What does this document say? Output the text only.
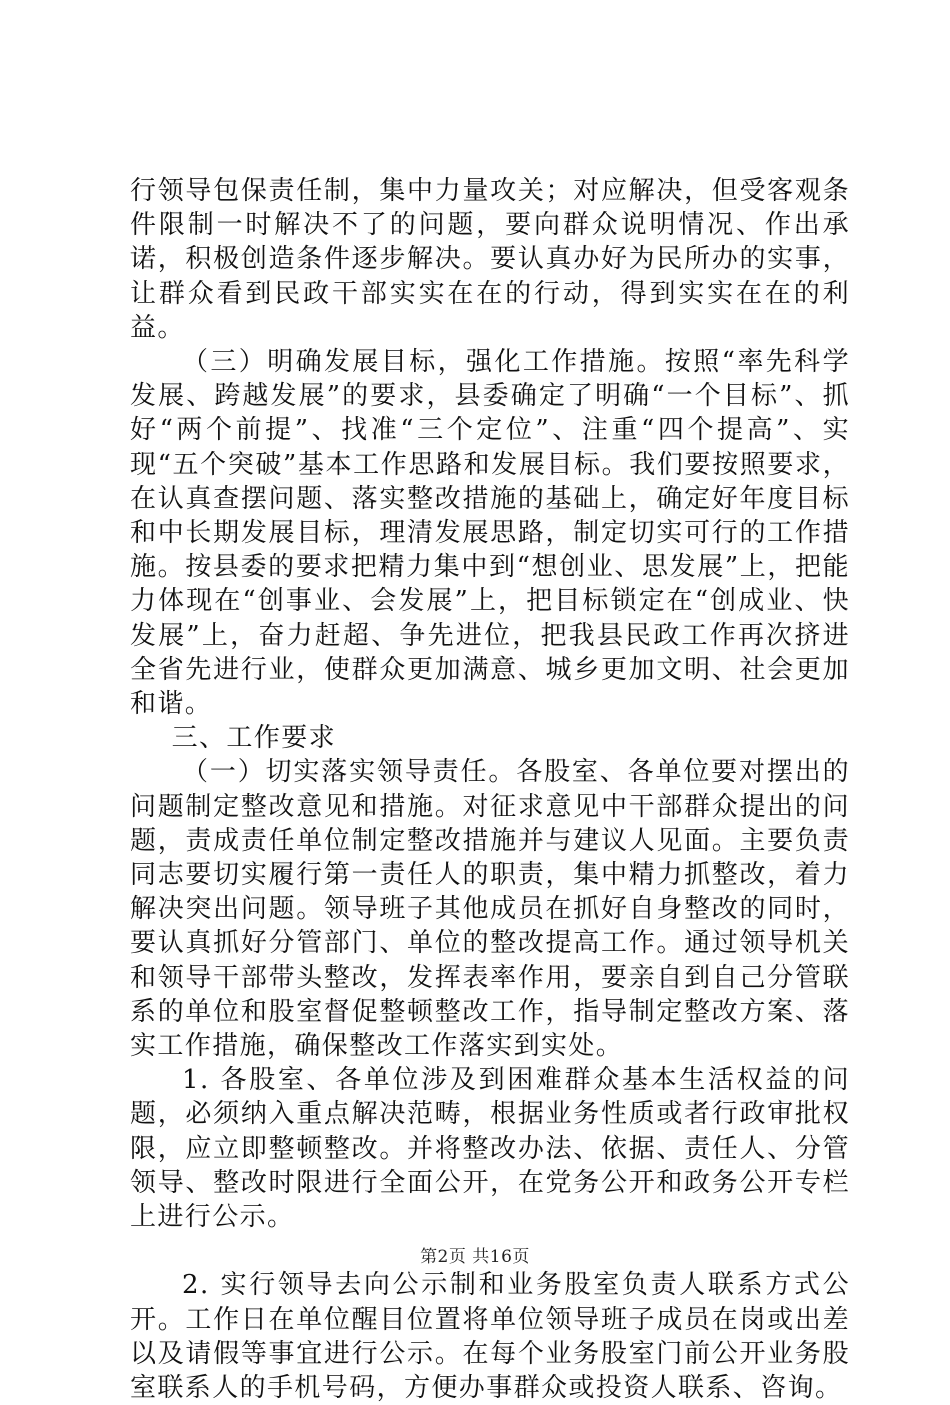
行领导包保责任制，集中力量攻关；对应解决，但受客观条件限制一时解决不了的问题，要向群众说明情况、作出承诺，积极创造条件逐步解决。要认真办好为民所办的实事，让群众看到民政干部实实在在的行动，得到实实在在的利益。

（三）明确发展目标，强化工作措施。按照“率先科学发展、跨越发展”的要求，县委确定了明确“一个目标”、抓好“两个前提”、找准“三个定位”、注重“四个提高”、实现“五个突破”基本工作思路和发展目标。我们要按照要求，在认真查摆问题、落实整改措施的基础上，确定好年度目标和中长期发展目标，理清发展思路，制定切实可行的工作措施。按县委的要求把精力集中到“想创业、思发展”上，把能力体现在“创事业、会发展”上，把目标锁定在“创成业、快发展”上，奋力赶超、争先进位，把我县民政工作再次挤进全省先进行业，使群众更加满意、城乡更加文明、社会更加和谐。

三、工作要求

（一）切实落实领导责任。各股室、各单位要对摆出的问题制定整改意见和措施。对征求意见中干部群众提出的问题，责成责任单位制定整改措施并与建议人见面。主要负责同志要切实履行第一责任人的职责，集中精力抓整改，着力解决突出问题。领导班子其他成员在抓好自身整改的同时，要认真抓好分管部门、单位的整改提高工作。通过领导机关和领导干部带头整改，发挥表率作用，要亲自到自己分管联系的单位和股室督促整顿整改工作，指导制定整改方案、落实工作措施，确保整改工作落实到实处。

1. 各股室、各单位涉及到困难群众基本生活权益的问题，必须纳入重点解决范畴，根据业务性质或者行政审批权限，应立即整顿整改。并将整改办法、依据、责任人、分管领导、整改时限进行全面公开，在党务公开和政务公开专栏上进行公示。

2. 实行领导去向公示制和业务股室负责人联系方式公开。工作日在单位醒目位置将单位领导班子成员在岗或出差以及请假等事宜进行公示。在每个业务股室门前公开业务股室联系人的手机号码，方便办事群众或投资人联系、咨询。

第2页 共16页
